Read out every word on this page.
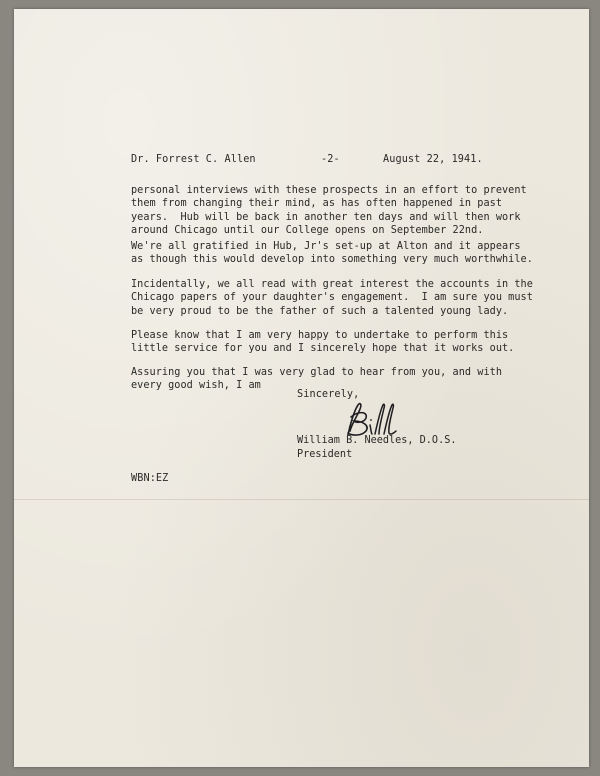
Dr. Forrest C. Allen	-2-	August 22, 1941.

personal interviews with these prospects in an effort to prevent
them from changing their mind, as has often happened in past
years.  Hub will be back in another ten days and will then work
around Chicago until our College opens on September 22nd.
We're all gratified in Hub, Jr's set-up at Alton and it appears
as though this would develop into something very much worthwhile.
Incidentally, we all read with great interest the accounts in the
Chicago papers of your daughter's engagement.  I am sure you must
be very proud to be the father of such a talented young lady.
Please know that I am very happy to undertake to perform this
little service for you and I sincerely hope that it works out.
Assuring you that I was very glad to hear from you, and with
every good wish, I am

Sincerely,

William B. Needles, D.O.S.
President

WBN:EZ
